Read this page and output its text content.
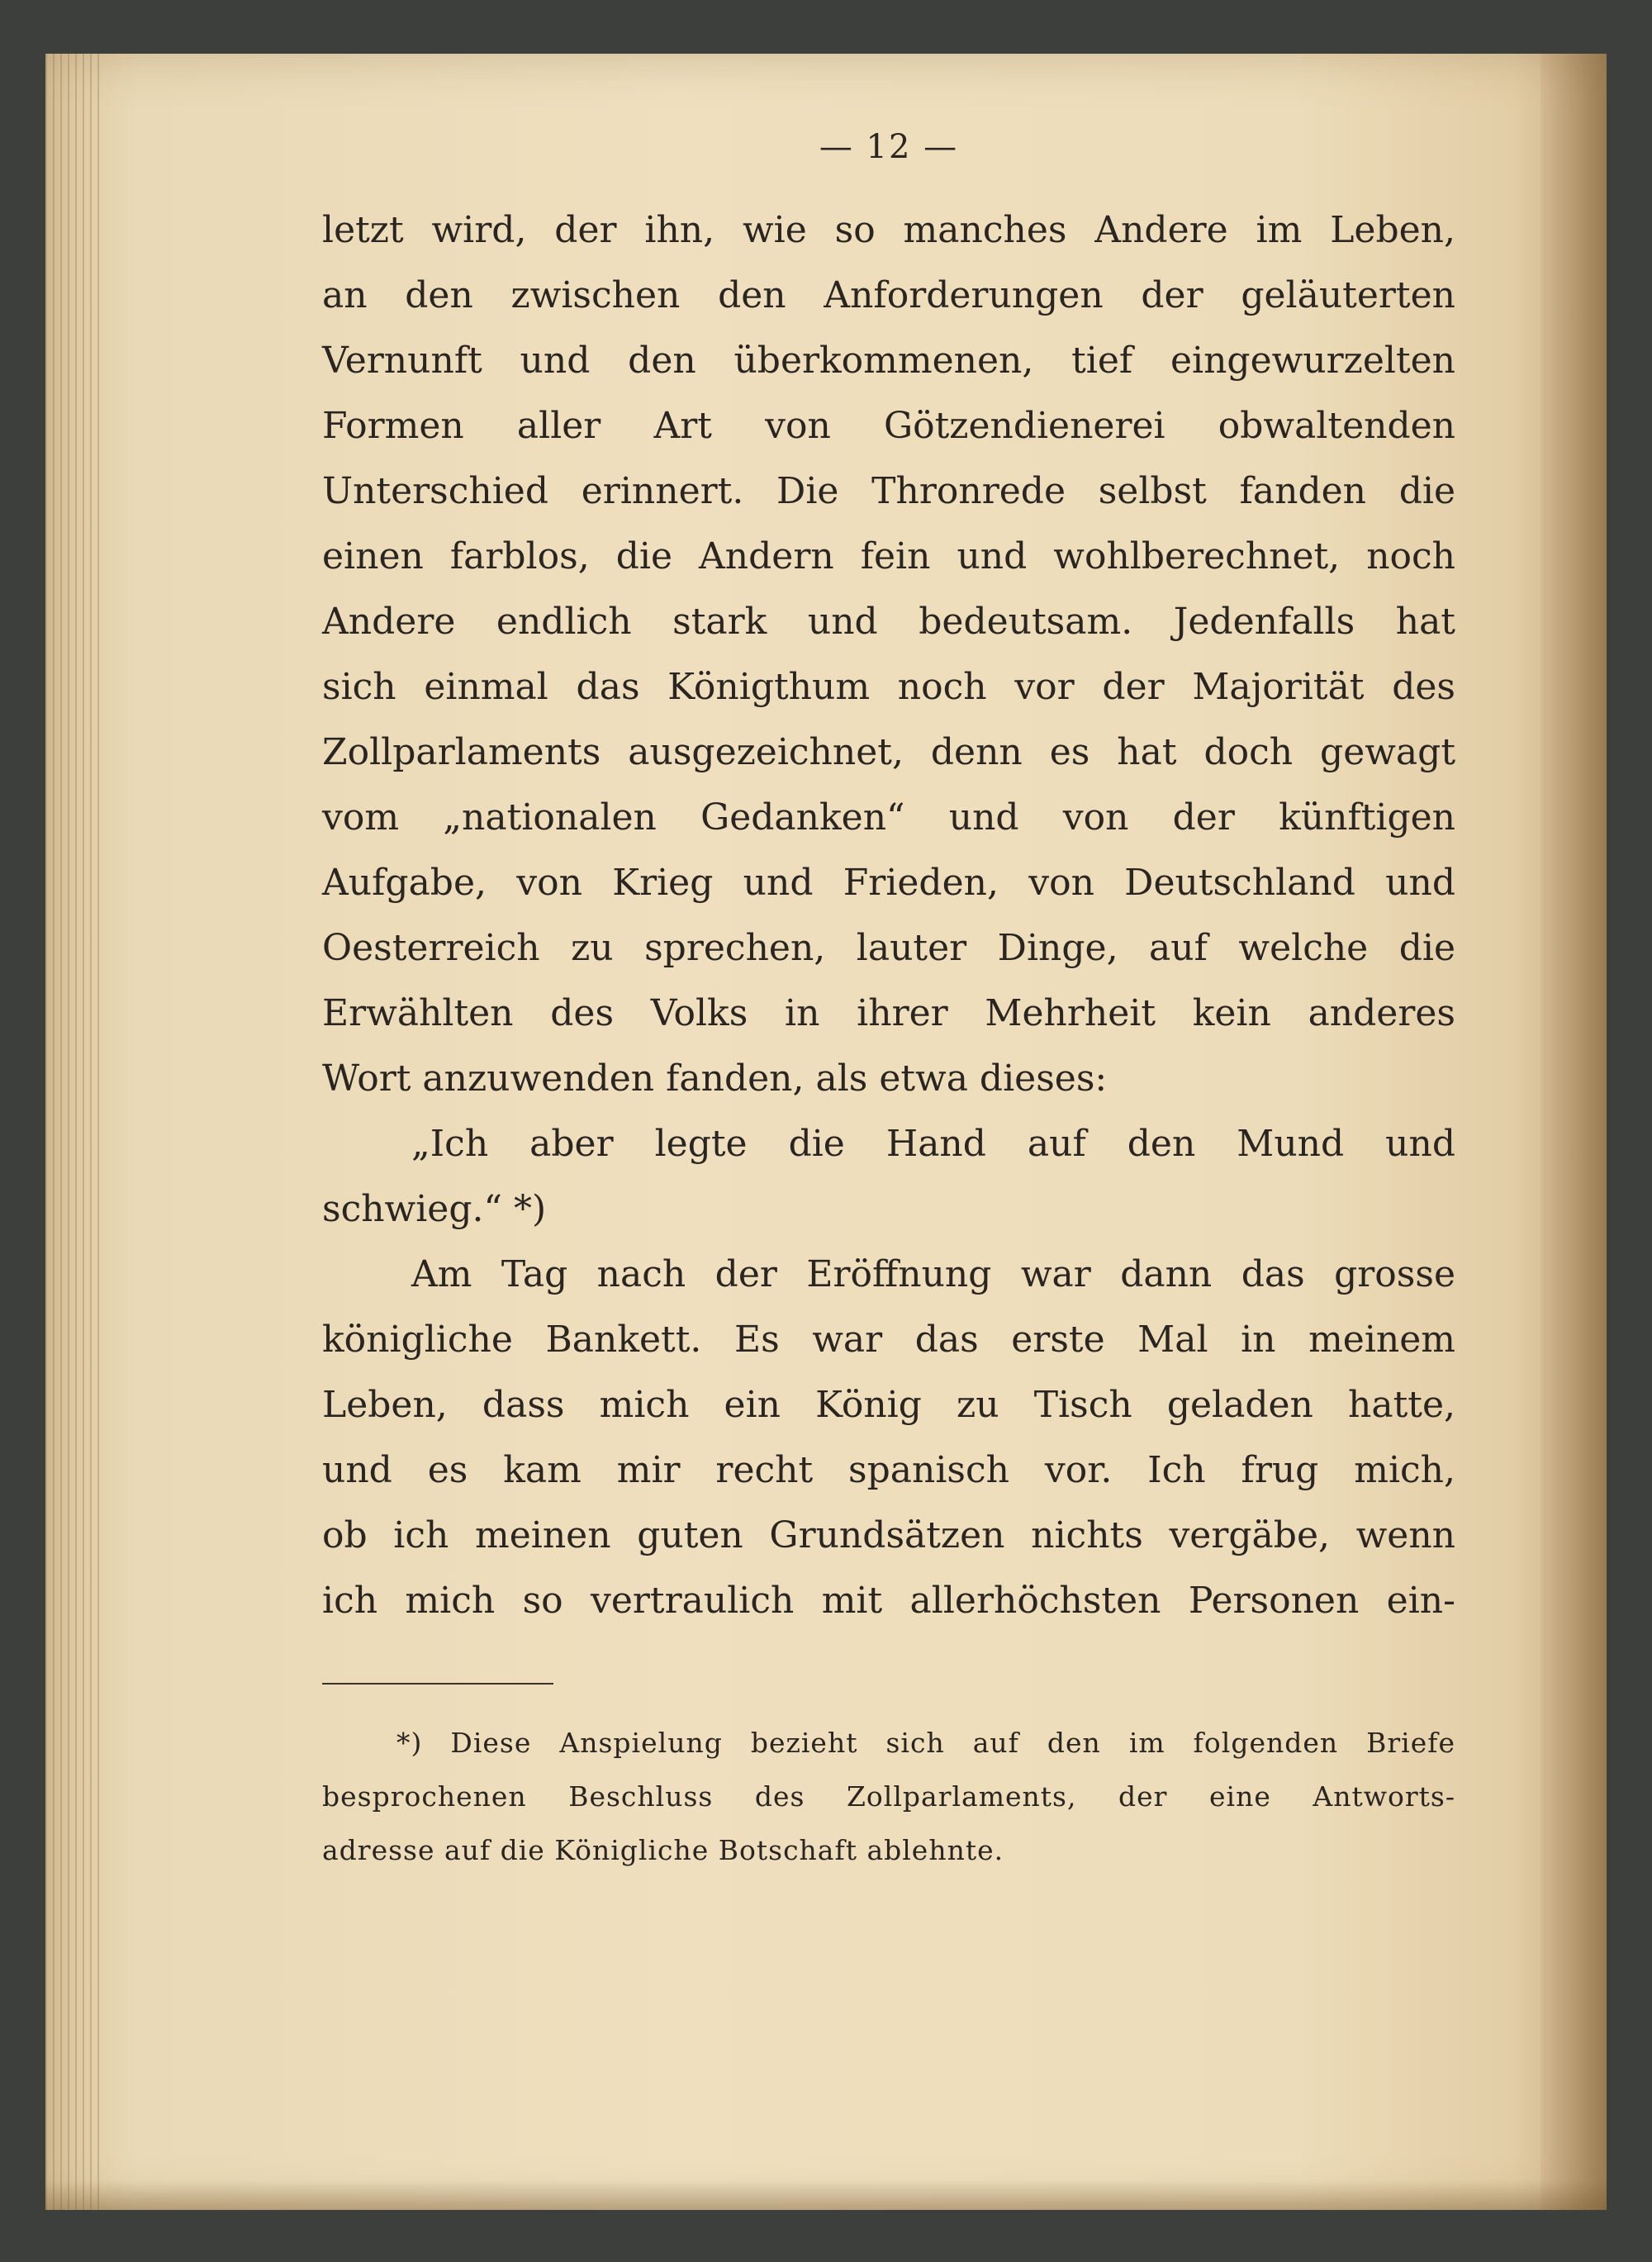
— 12 —
letzt wird, der ihn, wie so manches Andere im Leben,
an den zwischen den Anforderungen der geläuterten
Vernunft und den überkommenen, tief eingewurzelten
Formen aller Art von Götzendienerei obwaltenden
Unterschied erinnert. Die Thronrede selbst fanden die
einen farblos, die Andern fein und wohlberechnet, noch
Andere endlich stark und bedeutsam. Jedenfalls hat
sich einmal das Königthum noch vor der Majorität des
Zollparlaments ausgezeichnet, denn es hat doch gewagt
vom „nationalen Gedanken“ und von der künftigen
Aufgabe, von Krieg und Frieden, von Deutschland und
Oesterreich zu sprechen, lauter Dinge, auf welche die
Erwählten des Volks in ihrer Mehrheit kein anderes
Wort anzuwenden fanden, als etwa dieses:
„Ich aber legte die Hand auf den Mund und
schwieg.“ *)
Am Tag nach der Eröffnung war dann das grosse
königliche Bankett. Es war das erste Mal in meinem
Leben, dass mich ein König zu Tisch geladen hatte,
und es kam mir recht spanisch vor. Ich frug mich,
ob ich meinen guten Grundsätzen nichts vergäbe, wenn
ich mich so vertraulich mit allerhöchsten Personen ein-
*) Diese Anspielung bezieht sich auf den im folgenden Briefe
besprochenen Beschluss des Zollparlaments, der eine Antworts-
adresse auf die Königliche Botschaft ablehnte.
